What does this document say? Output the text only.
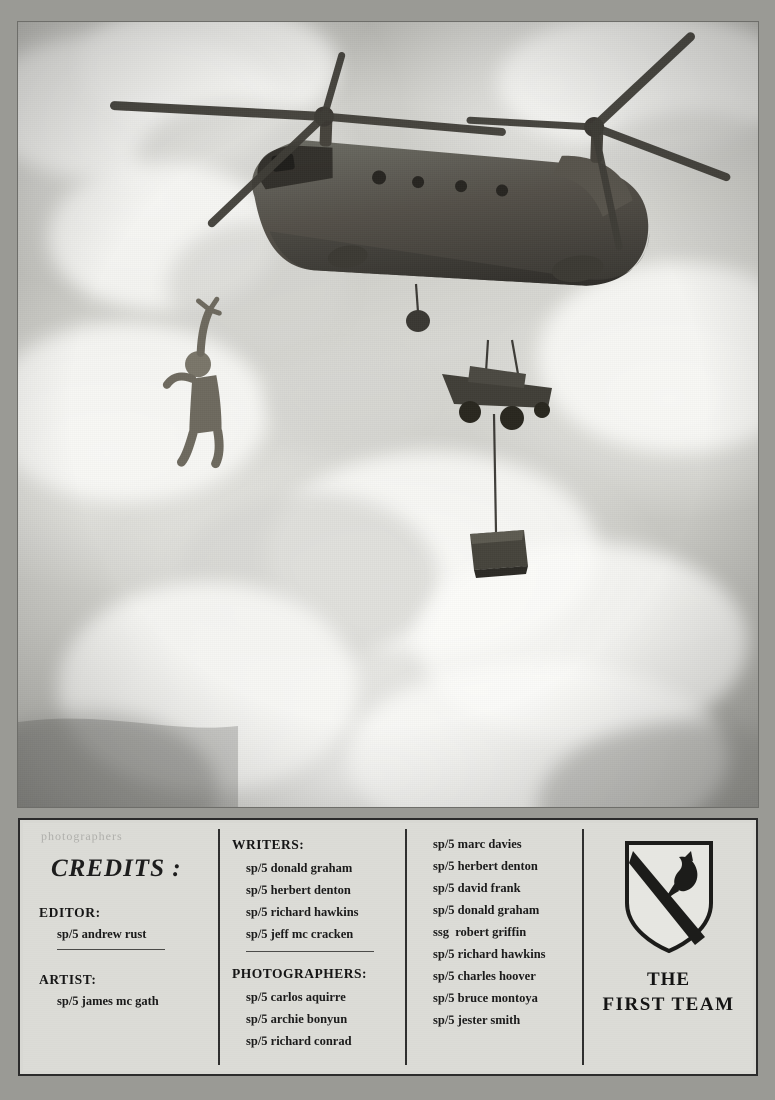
photographers
CREDITS :
EDITOR:
sp/5 andrew rust
ARTIST:
sp/5 james mc gath
WRITERS:
sp/5 donald graham
sp/5 herbert denton
sp/5 richard hawkins
sp/5 jeff mc cracken
PHOTOGRAPHERS:
sp/5 carlos aquirre
sp/5 archie bonyun
sp/5 richard conrad
sp/5 marc davies
sp/5 herbert denton
sp/5 david frank
sp/5 donald graham
ssg  robert griffin
sp/5 richard hawkins
sp/5 charles hoover
sp/5 bruce montoya
sp/5 jester smith
THE
FIRST TEAM
